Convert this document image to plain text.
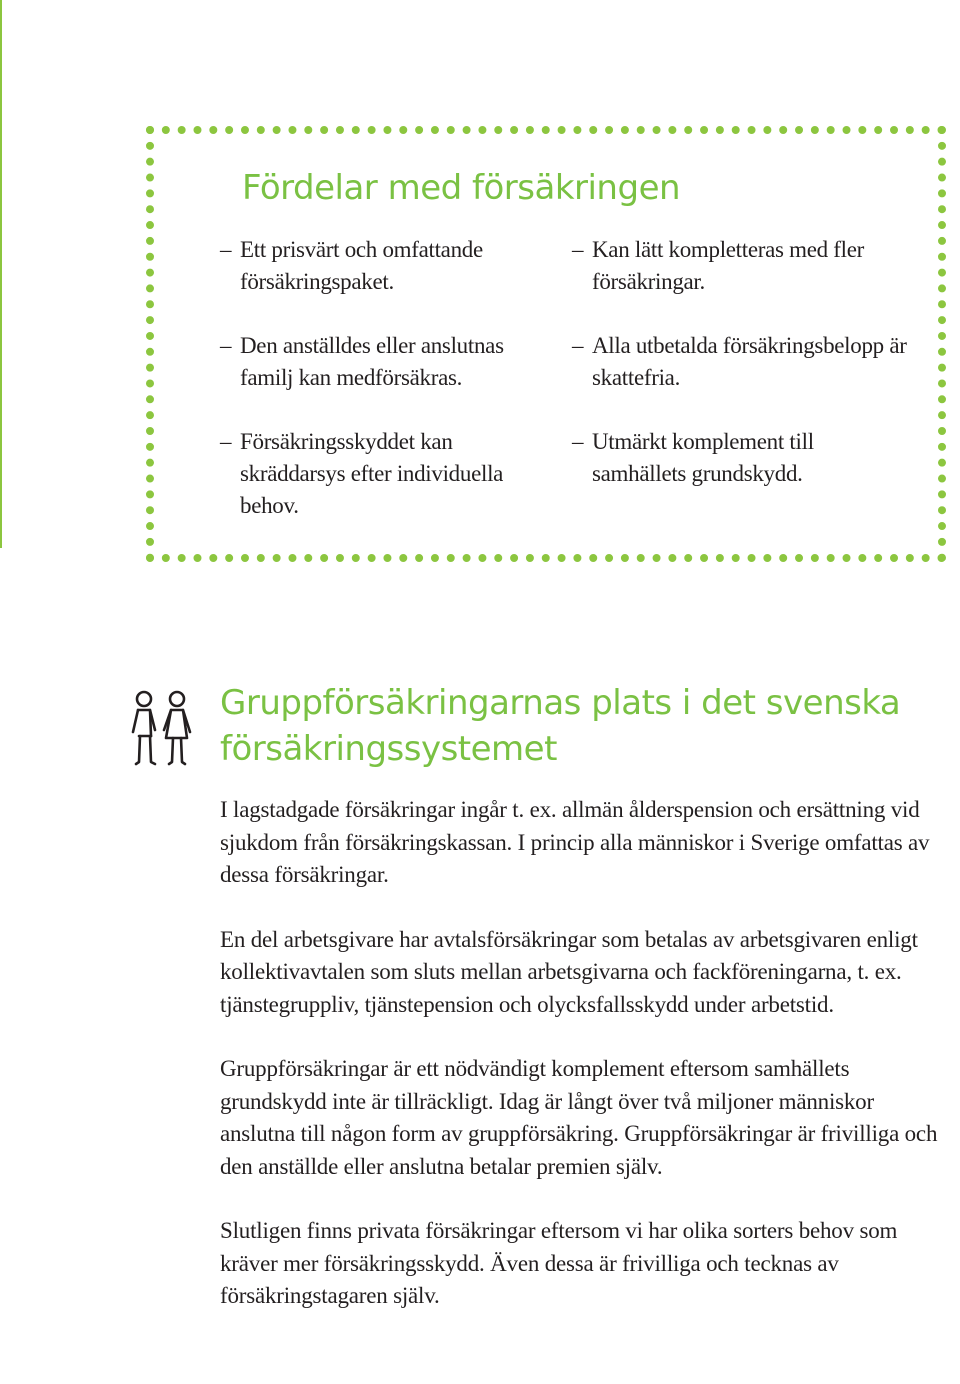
Fördelar med försäkringen
– Ett prisvärt och omfattande försäkringspaket.
– Den anställdes eller anslutnas familj kan medförsäkras.
– Försäkringsskyddet kan skräddarsys efter individuella behov.
– Kan lätt kompletteras med fler försäkringar.
– Alla utbetalda försäkringsbelopp är skattefria.
– Utmärkt komplement till samhällets grundskydd.
Gruppförsäkringarnas plats i det svenska försäkringssystemet

I lagstadgade försäkringar ingår t. ex. allmän ålderspension och ersättning vid sjukdom från försäkringskassan. I princip alla människor i Sverige omfattas av dessa försäkringar.

En del arbetsgivare har avtalsförsäkringar som betalas av arbetsgivaren enligt kollektivavtalen som sluts mellan arbetsgivarna och fackföreningarna, t. ex. tjänstegruppliv, tjänstepension och olycksfallsskydd under arbetstid.

Gruppförsäkringar är ett nödvändigt komplement eftersom samhällets grundskydd inte är tillräckligt. Idag är långt över två miljoner människor anslutna till någon form av gruppförsäkring. Gruppförsäkringar är frivilliga och den anställde eller anslutna betalar premien själv.

Slutligen finns privata försäkringar eftersom vi har olika sorters behov som kräver mer försäkringsskydd. Även dessa är frivilliga och tecknas av försäkringstagaren själv.
